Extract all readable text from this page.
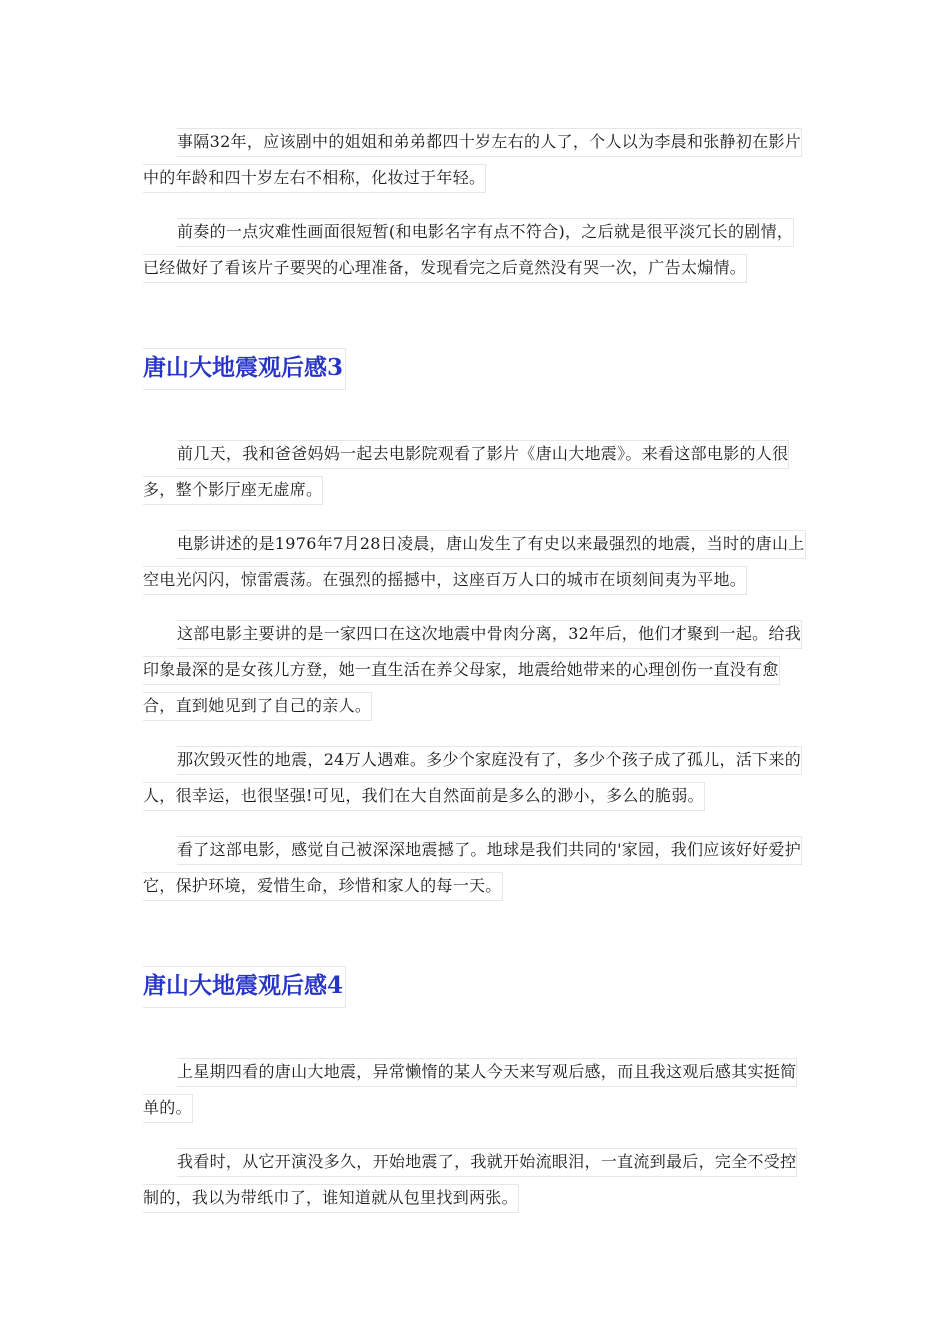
事隔32年，应该剧中的姐姐和弟弟都四十岁左右的人了，个人以为李晨和张静初在影片中的年龄和四十岁左右不相称，化妆过于年轻。

前奏的一点灾难性画面很短暂(和电影名字有点不符合)，之后就是很平淡冗长的剧情，已经做好了看该片子要哭的心理准备，发现看完之后竟然没有哭一次，广告太煽情。

唐山大地震观后感3

前几天，我和爸爸妈妈一起去电影院观看了影片《唐山大地震》。来看这部电影的人很多，整个影厅座无虚席。

电影讲述的是1976年7月28日凌晨，唐山发生了有史以来最强烈的地震，当时的唐山上空电光闪闪，惊雷震荡。在强烈的摇撼中，这座百万人口的城市在顷刻间夷为平地。

这部电影主要讲的是一家四口在这次地震中骨肉分离，32年后，他们才聚到一起。给我印象最深的是女孩儿方登，她一直生活在养父母家，地震给她带来的心理创伤一直没有愈合，直到她见到了自己的亲人。

那次毁灭性的地震，24万人遇难。多少个家庭没有了，多少个孩子成了孤儿，活下来的人，很幸运，也很坚强!可见，我们在大自然面前是多么的渺小，多么的脆弱。

看了这部电影，感觉自己被深深地震撼了。地球是我们共同的'家园，我们应该好好爱护它，保护环境，爱惜生命，珍惜和家人的每一天。

唐山大地震观后感4

上星期四看的唐山大地震，异常懒惰的某人今天来写观后感，而且我这观后感其实挺简单的。

我看时，从它开演没多久，开始地震了，我就开始流眼泪，一直流到最后，完全不受控制的，我以为带纸巾了，谁知道就从包里找到两张。
